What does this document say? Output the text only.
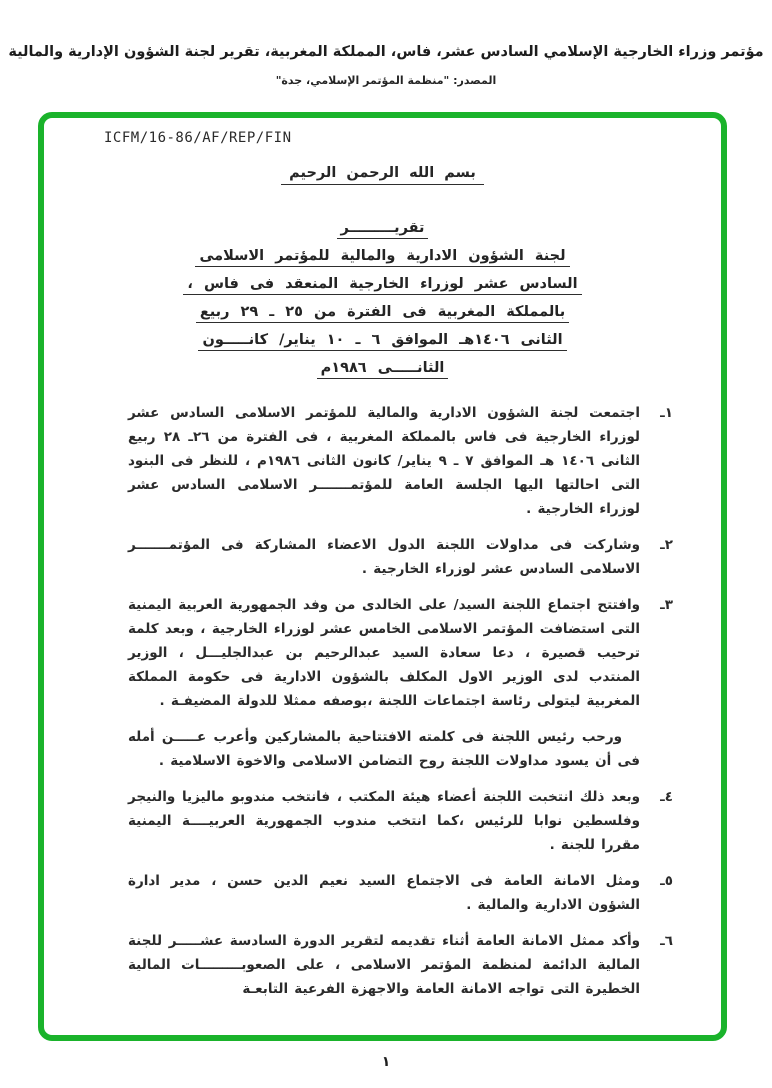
مؤتمر وزراء الخارجية الإسلامي السادس عشر، فاس، المملكة المغربية، تقرير لجنة الشؤون الإدارية والمالية
المصدر: "منظمة المؤتمر الإسلامي، جدة"
ICFM/16-86/AF/REP/FIN
بسم الله الرحمن الرحيم
تقريـــــــــر
لجنة الشؤون الادارية والمالية للمؤتمر الاسلامى
السادس عشر لوزراء الخارجية المنعقد فى فاس ،
بالمملكة المغربية فى الفترة من ٢٥ ـ ٢٩ ربيع
الثانى ١٤٠٦هـ الموافق ٦ ـ ١٠ يناير/ كانـــــون
الثانـــــى ١٩٨٦م
١ـ
اجتمعت لجنة الشؤون الادارية والمالية للمؤتمر الاسلامى السادس عشر لوزراء الخارجية فى فاس بالمملكة المغربية ، فى الفترة من ٢٦ـ ٢٨ ربيع الثانى ١٤٠٦ هـ الموافق ٧ ـ ٩ يناير/ كانون الثانى ١٩٨٦م ، للنظر فى البنود التى احالتها اليها الجلسة العامة للمؤتمـــــــر الاسلامى السادس عشر لوزراء الخارجية .
٢ـ
وشاركت فى مداولات اللجنة الدول الاعضاء المشاركة فى المؤتمـــــــر الاسلامى السادس عشر لوزراء الخارجية .
٣ـ
وافتتح اجتماع اللجنة السيد/ على الخالدى من وفد الجمهورية العربية اليمنية التى استضافت المؤتمر الاسلامى الخامس عشر لوزراء الخارجية ، وبعد كلمة ترحيب قصيرة ، دعا سعادة السيد عبدالرحيم بن عبدالجليـــل ، الوزير المنتدب لدى الوزير الاول المكلف بالشؤون الادارية فى حكومة المملكة المغربية ليتولى رئاسة اجتماعات اللجنة ،بوصفه ممثلا للدولة المضيفـة .
ورحب رئيس اللجنة فى كلمته الافتتاحية بالمشاركين وأعرب عـــــن أمله فى أن يسود مداولات اللجنة روح التضامن الاسلامى والاخوة الاسلامية .
٤ـ
وبعد ذلك انتخبت اللجنة أعضاء هيئة المكتب ، فانتخب مندوبو ماليزيا والنيجر وفلسطين نوابا للرئيس ،كما انتخب مندوب الجمهورية العربيــــة اليمنية مقررا للجنة .
٥ـ
ومثل الامانة العامة فى الاجتماع السيد نعيم الدين حسن ، مدير ادارة الشؤون الادارية والمالية .
٦ـ
وأكد ممثل الامانة العامة أثناء تقديمه لتقرير الدورة السادسة عشـــــر للجنة المالية الدائمة لمنظمة المؤتمر الاسلامى ، على الصعوبـــــــــات المالية الخطيرة التى تواجه الامانة العامة والاجهزة الفرعية التابعـة
١
